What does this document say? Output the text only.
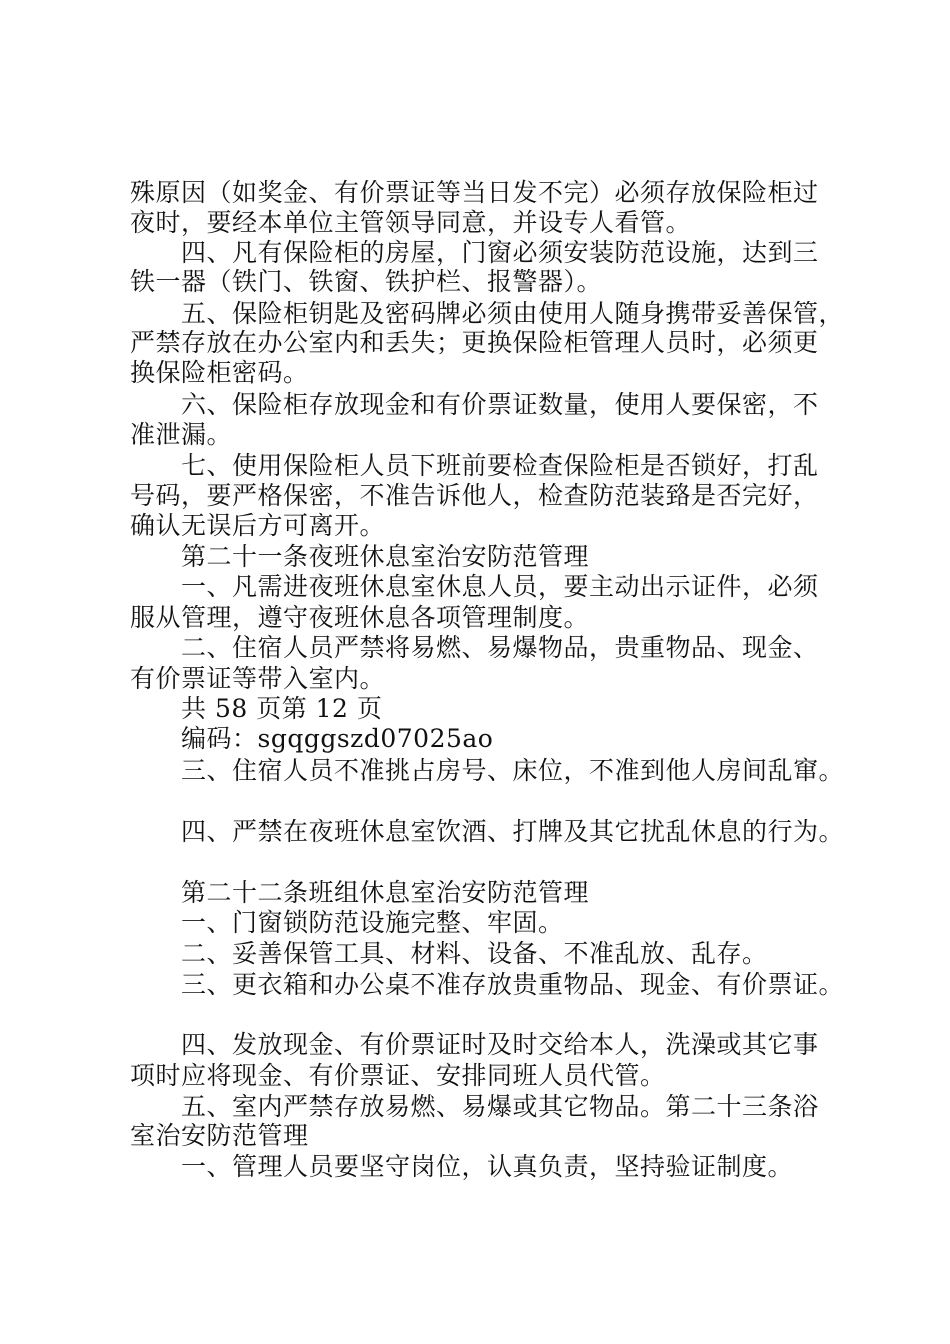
殊原因（如奖金、有价票证等当日发不完）必须存放保险柜过
夜时，要经本单位主管领导同意，并设专人看管。
四、凡有保险柜的房屋，门窗必须安装防范设施，达到三
铁一器（铁门、铁窗、铁护栏、报警器）。
五、保险柜钥匙及密码牌必须由使用人随身携带妥善保管，
严禁存放在办公室内和丢失；更换保险柜管理人员时，必须更
换保险柜密码。
六、保险柜存放现金和有价票证数量，使用人要保密，不
准泄漏。
七、使用保险柜人员下班前要检查保险柜是否锁好，打乱
号码，要严格保密，不准告诉他人，检查防范装臵是否完好，
确认无误后方可离开。
第二十一条夜班休息室治安防范管理
一、凡需进夜班休息室休息人员，要主动出示证件，必须
服从管理，遵守夜班休息各项管理制度。
二、住宿人员严禁将易燃、易爆物品，贵重物品、现金、
有价票证等带入室内。
共 58 页第 12 页
编码：sgqggszd07025ao
三、住宿人员不准挑占房号、床位，不准到他人房间乱窜。
四、严禁在夜班休息室饮酒、打牌及其它扰乱休息的行为。
第二十二条班组休息室治安防范管理
一、门窗锁防范设施完整、牢固。
二、妥善保管工具、材料、设备、不准乱放、乱存。
三、更衣箱和办公桌不准存放贵重物品、现金、有价票证。
四、发放现金、有价票证时及时交给本人，洗澡或其它事
项时应将现金、有价票证、安排同班人员代管。
五、室内严禁存放易燃、易爆或其它物品。第二十三条浴
室治安防范管理
一、管理人员要坚守岗位，认真负责，坚持验证制度。
